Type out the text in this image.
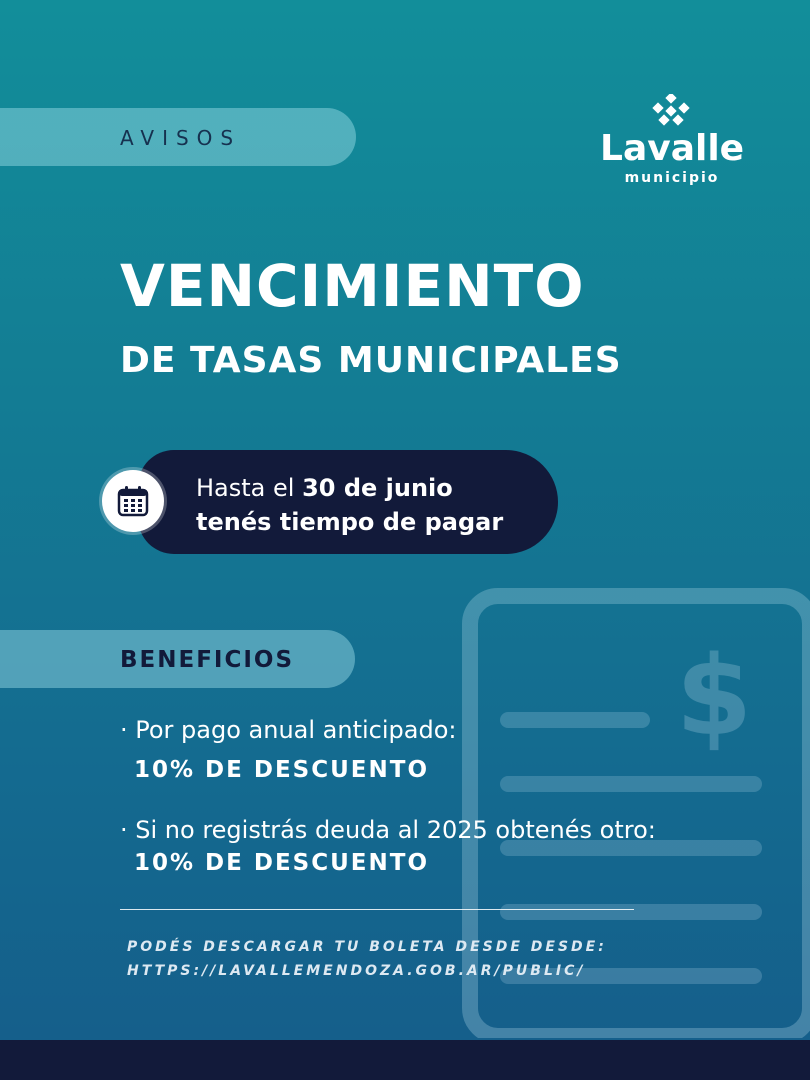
AVISOS	Lavalle
municipio
VENCIMIENTO
DE TASAS MUNICIPALES
Hasta el 30 de junio
tenés tiempo de pagar
$
BENEFICIOS
· Por pago anual anticipado:
10% DE DESCUENTO
· Si no registrás deuda al 2025 obtenés otro:
10% DE DESCUENTO
PODÉS DESCARGAR TU BOLETA DESDE DESDE:
HTTPS://LAVALLEMENDOZA.GOB.AR/PUBLIC/
